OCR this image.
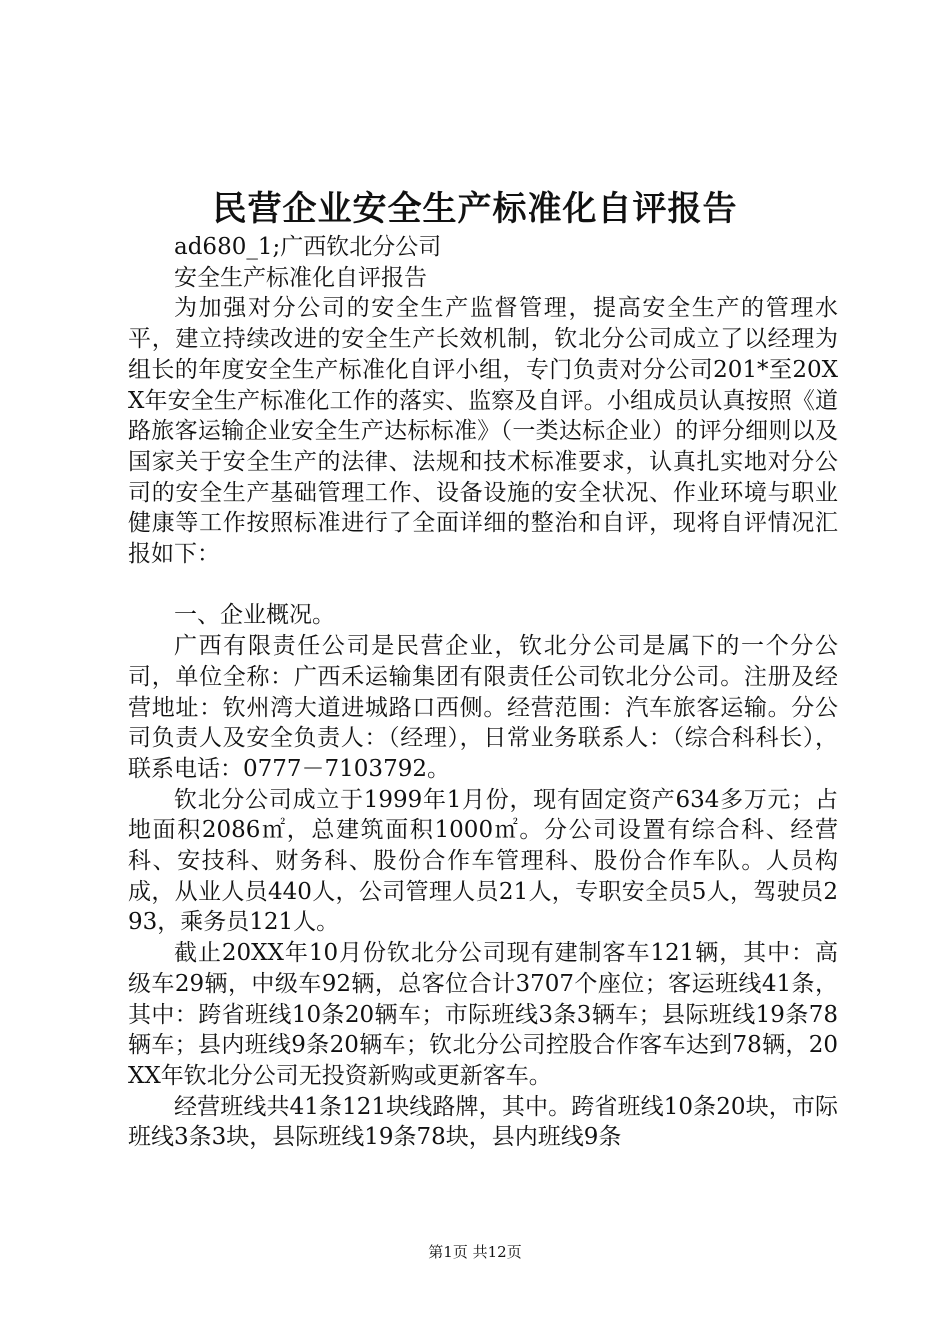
民营企业安全生产标准化自评报告

ad680_1;广西钦北分公司

安全生产标准化自评报告

为加强对分公司的安全生产监督管理，提高安全生产的管理水平，建立持续改进的安全生产长效机制，钦北分公司成立了以经理为组长的年度安全生产标准化自评小组，专门负责对分公司201*至20XX年安全生产标准化工作的落实、监察及自评。小组成员认真按照《道路旅客运输企业安全生产达标标准》（一类达标企业）的评分细则以及国家关于安全生产的法律、法规和技术标准要求，认真扎实地对分公司的安全生产基础管理工作、设备设施的安全状况、作业环境与职业健康等工作按照标准进行了全面详细的整治和自评，现将自评情况汇报如下：

一、企业概况。

广西有限责任公司是民营企业，钦北分公司是属下的一个分公司，单位全称：广西禾运输集团有限责任公司钦北分公司。注册及经营地址：钦州湾大道进城路口西侧。经营范围：汽车旅客运输。分公司负责人及安全负责人：（经理），日常业务联系人：（综合科科长），联系电话：0777－7103792。

钦北分公司成立于1999年1月份，现有固定资产634多万元；占地面积2086㎡，总建筑面积1000㎡。分公司设置有综合科、经营科、安技科、财务科、股份合作车管理科、股份合作车队。人员构成，从业人员440人，公司管理人员21人，专职安全员5人，驾驶员293，乘务员121人。

截止20XX年10月份钦北分公司现有建制客车121辆，其中：高级车29辆，中级车92辆，总客位合计3707个座位；客运班线41条，其中：跨省班线10条20辆车；市际班线3条3辆车；县际班线19条78辆车；县内班线9条20辆车；钦北分公司控股合作客车达到78辆，20XX年钦北分公司无投资新购或更新客车。

经营班线共41条121块线路牌，其中。跨省班线10条20块，市际班线3条3块，县际班线19条78块，县内班线9条

第1页 共12页
